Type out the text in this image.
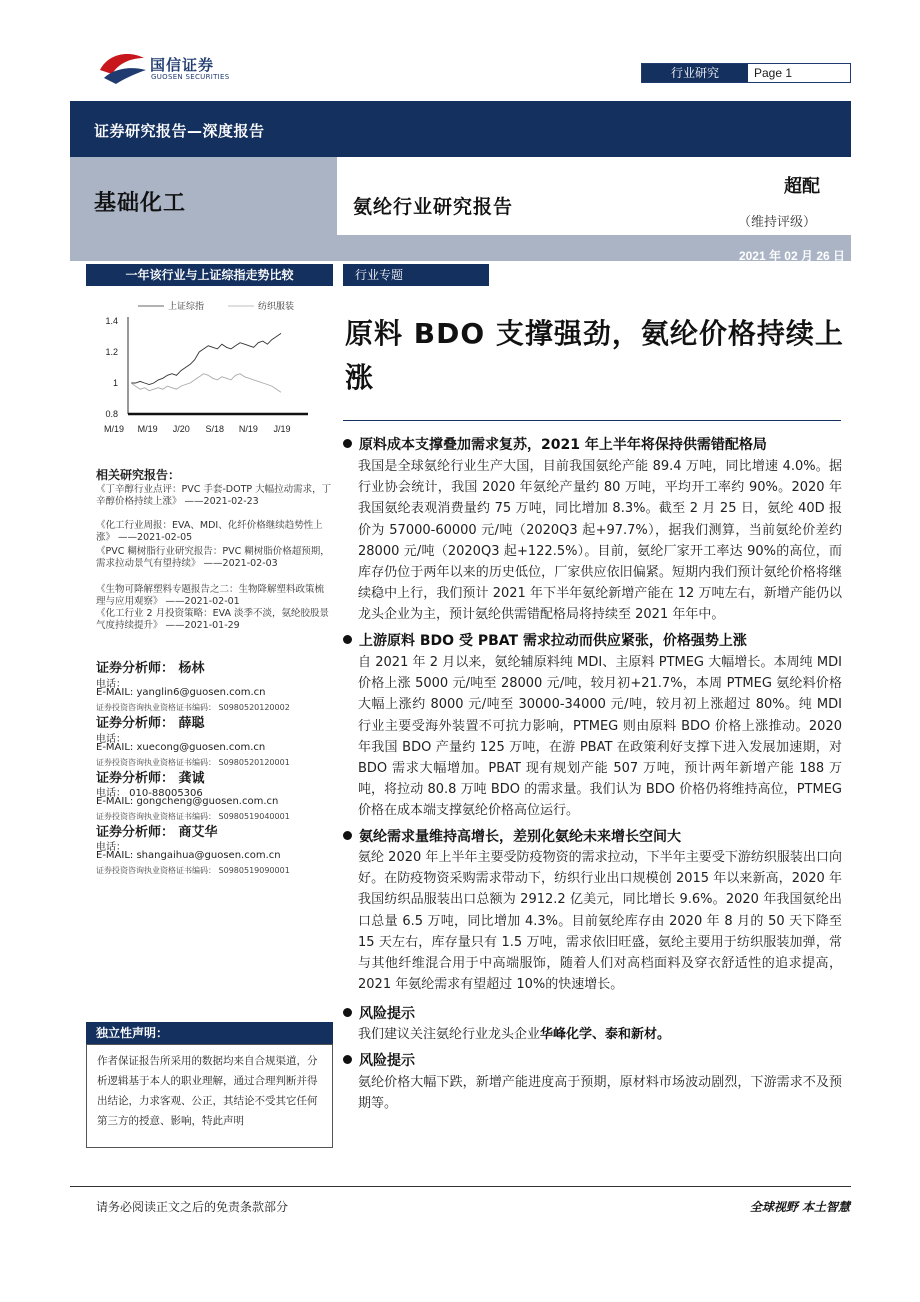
国信证券
GUOSEN SECURITIES	行业研究	Page 1
证券研究报告—深度报告
基础化工	氨纶行业研究报告
超配
（维持评级）
2021 年 02 月 26 日
一年该行业与上证综指走势比较
1.4
1.2
1
0.8
M/19 M/19 J/20 S/18 N/19 J/19
上证综指	纺织服装
相关研究报告：
《丁辛醇行业点评：PVC 手套-DOTP 大幅拉动需求，丁辛醇价格持续上涨》 ——2021-02-23
《化工行业周报：EVA、MDI、化纤价格继续趋势性上涨》 ——2021-02-05
《PVC 糊树脂行业研究报告：PVC 糊树脂价格超预期，需求拉动景气有望持续》 ——2021-02-03
《生物可降解塑料专题报告之二：生物降解塑料政策梳理与应用观察》 ——2021-02-01
《化工行业 2 月投资策略：EVA 淡季不淡，氨纶胶股景气度持续提升》 ——2021-01-29
证券分析师： 杨林
电话：
E-MAIL: yanglin6@guosen.com.cn
证券投资咨询执业资格证书编码： S0980520120002
证券分析师： 薛聪
电话：
E-MAIL: xuecong@guosen.com.cn
证券投资咨询执业资格证书编码： S0980520120001
证券分析师： 龚诚
电话： 010-88005306
E-MAIL: gongcheng@guosen.com.cn
证券投资咨询执业资格证书编码： S0980519040001
证券分析师： 商艾华
电话：
E-MAIL: shangaihua@guosen.com.cn
证券投资咨询执业资格证书编码： S0980519090001
独立性声明：
作者保证报告所采用的数据均来自合规渠道，分析逻辑基于本人的职业理解，通过合理判断并得出结论，力求客观、公正，其结论不受其它任何第三方的授意、影响，特此声明
行业专题
原料 BDO 支撑强劲，氨纶价格持续上涨
原料成本支撑叠加需求复苏，2021 年上半年将保持供需错配格局
我国是全球氨纶行业生产大国，目前我国氨纶产能 89.4 万吨，同比增速 4.0%。据行业协会统计，我国 2020 年氨纶产量约 80 万吨，平均开工率约 90%。2020 年我国氨纶表观消费量约 75 万吨，同比增加 8.3%。截至 2 月 25 日，氨纶 40D 报价为 57000-60000 元/吨（2020Q3 起+97.7%），据我们测算，当前氨纶价差约 28000 元/吨（2020Q3 起+122.5%）。目前，氨纶厂家开工率达 90%的高位，而库存仍位于两年以来的历史低位，厂家供应依旧偏紧。短期内我们预计氨纶价格将继续稳中上行，我们预计 2021 年下半年氨纶新增产能在 12 万吨左右，新增产能仍以龙头企业为主，预计氨纶供需错配格局将持续至 2021 年年中。
上游原料 BDO 受 PBAT 需求拉动而供应紧张，价格强势上涨
自 2021 年 2 月以来，氨纶辅原料纯 MDI、主原料 PTMEG 大幅增长。本周纯 MDI 价格上涨 5000 元/吨至 28000 元/吨，较月初+21.7%，本周 PTMEG 氨纶料价格大幅上涨约 8000 元/吨至 30000-34000 元/吨，较月初上涨超过 80%。纯 MDI 行业主要受海外装置不可抗力影响，PTMEG 则由原料 BDO 价格上涨推动。2020 年我国 BDO 产量约 125 万吨，在游 PBAT 在政策利好支撑下进入发展加速期，对 BDO 需求大幅增加。PBAT 现有规划产能 507 万吨，预计两年新增产能 188 万吨，将拉动 80.8 万吨 BDO 的需求量。我们认为 BDO 价格仍将维持高位，PTMEG 价格在成本端支撑氨纶价格高位运行。
氨纶需求量维持高增长，差别化氨纶未来增长空间大
氨纶 2020 年上半年主要受防疫物资的需求拉动，下半年主要受下游纺织服装出口向好。在防疫物资采购需求带动下，纺织行业出口规模创 2015 年以来新高，2020 年我国纺织品服装出口总额为 2912.2 亿美元，同比增长 9.6%。2020 年我国氨纶出口总量 6.5 万吨，同比增加 4.3%。目前氨纶库存由 2020 年 8 月的 50 天下降至 15 天左右，库存量只有 1.5 万吨，需求依旧旺盛，氨纶主要用于纺织服装加弹，常与其他纤维混合用于中高端服饰，随着人们对高档面料及穿衣舒适性的追求提高，2021 年氨纶需求有望超过 10%的快速增长。
风险提示
我们建议关注氨纶行业龙头企业华峰化学、泰和新材。
风险提示
氨纶价格大幅下跌，新增产能进度高于预期，原材料市场波动剧烈，下游需求不及预期等。
请务必阅读正文之后的免责条款部分	全球视野 本土智慧
